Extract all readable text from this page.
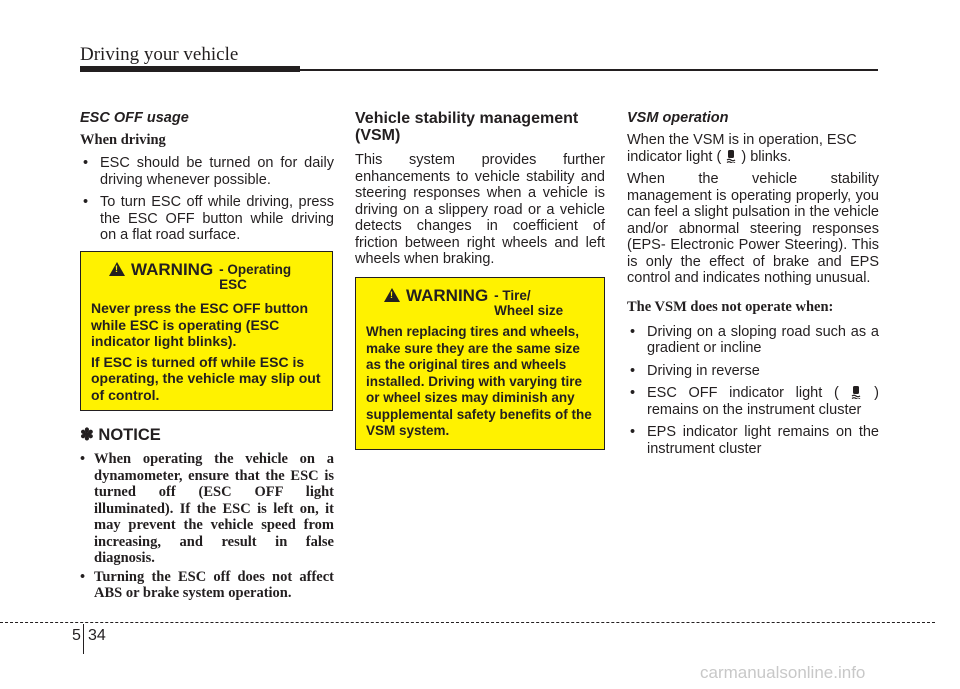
Driving your vehicle
ESC OFF usage
When driving
• ESC should be turned on for daily driving whenever possible.
• To turn ESC off while driving, press the ESC OFF button while driving on a flat road surface.
!
WARNING - Operating ESC

Never press the ESC OFF button while ESC is operating (ESC indicator light blinks).

If ESC is turned off while ESC is operating, the vehicle may slip out of control.

✽ NOTICE
• When operating the vehicle on a dynamometer, ensure that the ESC is turned off (ESC OFF light illuminated). If the ESC is left on, it may prevent the vehicle speed from increasing, and result in false diagnosis.
• Turning the ESC off does not affect ABS or brake system operation.
Vehicle stability management (VSM)

This system provides further enhancements to vehicle stability and steering responses when a vehicle is driving on a slippery road or a vehicle detects changes in coefficient of friction between right wheels and left wheels when braking.

!
WARNING - Tire/ Wheel size

When replacing tires and wheels, make sure they are the same size as the original tires and wheels installed. Driving with varying tire or wheel sizes may diminish any supplemental safety benefits of the VSM system.

VSM operation

When the VSM is in operation, ESC indicator light ( ) blinks.

When the vehicle stability management is operating properly, you can feel a slight pulsation in the vehicle and/or abnormal steering responses (EPS- Electronic Power Steering). This is only the effect of brake and EPS control and indicates nothing unusual.

The VSM does not operate when:
• Driving on a sloping road such as a gradient or incline
• Driving in reverse
• ESC OFF indicator light ( ) remains on the instrument cluster
• EPS indicator light remains on the instrument cluster
5 34
carmanualsonline.info
